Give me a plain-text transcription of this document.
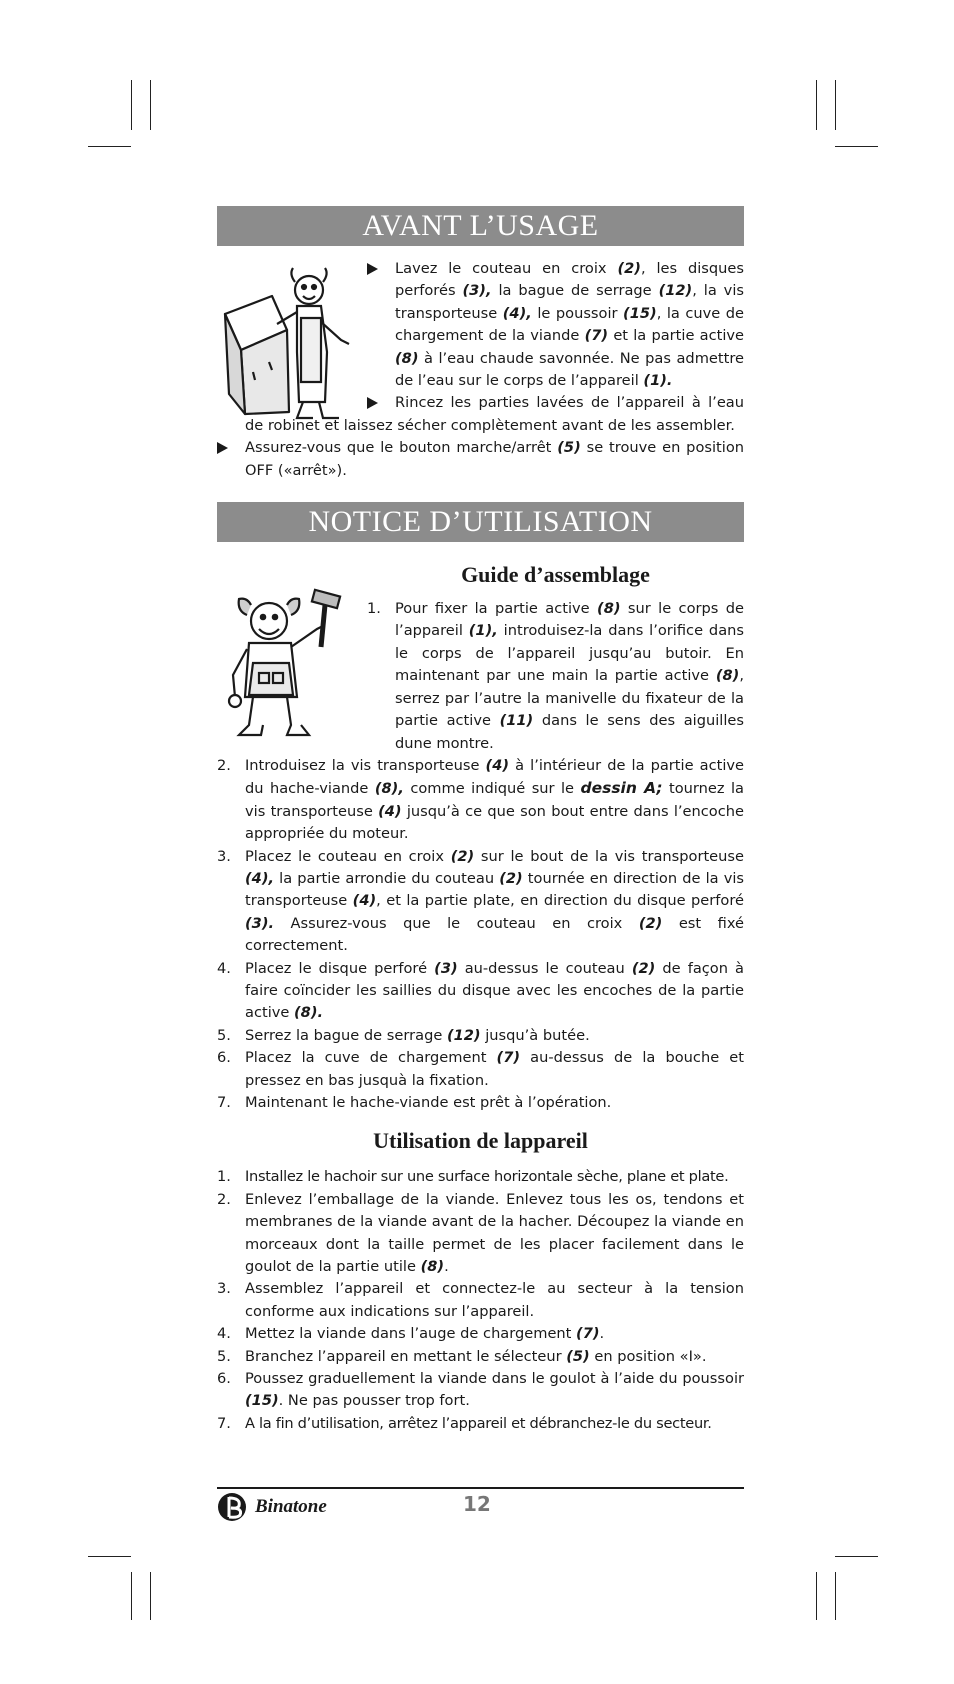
AVANT L’USAGE

Lavez le couteau en croix (2), les disques perforés (3), la bague de serrage (12), la vis transporteuse (4), le poussoir (15), la cuve de chargement de la viande (7) et la partie active (8) à l’eau chaude savonnée. Ne pas admettre de l’eau sur le corps de l’appareil (1).

Rincez les parties lavées de l’appareil à l’eau de robinet et laissez sécher complètement avant de les assembler.

Assurez-vous que le bouton marche/arrêt (5) se trouve en position OFF («arrêt»).

NOTICE D’UTILISATION
Guide d’assemblage
1. Pour fixer la partie active (8) sur le corps de l’appareil (1), introduisez-la dans l’orifice dans le corps de l’appareil jusqu’au butoir. En maintenant par une main la partie active (8), serrez par l’autre la manivelle du fixateur de la partie active (11) dans le sens des aiguilles dune montre.
2. Introduisez la vis transporteuse (4) à l’intérieur de la partie active du hache-viande (8), comme indiqué sur le dessin A; tournez la vis transporteuse (4) jusqu’à ce que son bout entre dans l’encoche appropriée du moteur.
3. Placez le couteau en croix (2) sur le bout de la vis transporteuse (4), la partie arrondie du couteau (2) tournée en direction de la vis transporteuse (4), et la partie plate, en direction du disque perforé (3). Assurez-vous que le couteau en croix (2) est fixé correctement.
4. Placez le disque perforé (3) au-dessus le couteau (2) de façon à faire coïncider les saillies du disque avec les encoches de la partie active (8).
5. Serrez la bague de serrage (12) jusqu’à butée.
6. Placez la cuve de chargement (7) au-dessus de la bouche et pressez en bas jusquà la fixation.
7. Maintenant le hache-viande est prêt à l’opération.
Utilisation de lappareil
1. Installez le hachoir sur une surface horizontale sèche, plane et plate.
2. Enlevez l’emballage de la viande. Enlevez tous les os, tendons et membranes de la viande avant de la hacher. Découpez la viande en morceaux dont la taille permet de les placer facilement dans le goulot de la partie utile (8).
3. Assemblez l’appareil et connectez-le au secteur à la tension conforme aux indications sur l’appareil.
4. Mettez la viande dans l’auge de chargement (7).
5. Branchez l’appareil en mettant le sélecteur (5) en position «I».
6. Poussez graduellement la viande dans le goulot à l’aide du poussoir (15). Ne pas pousser trop fort.
7. A la fin d’utilisation, arrêtez l’appareil et débranchez-le du secteur.
Binatone	12
